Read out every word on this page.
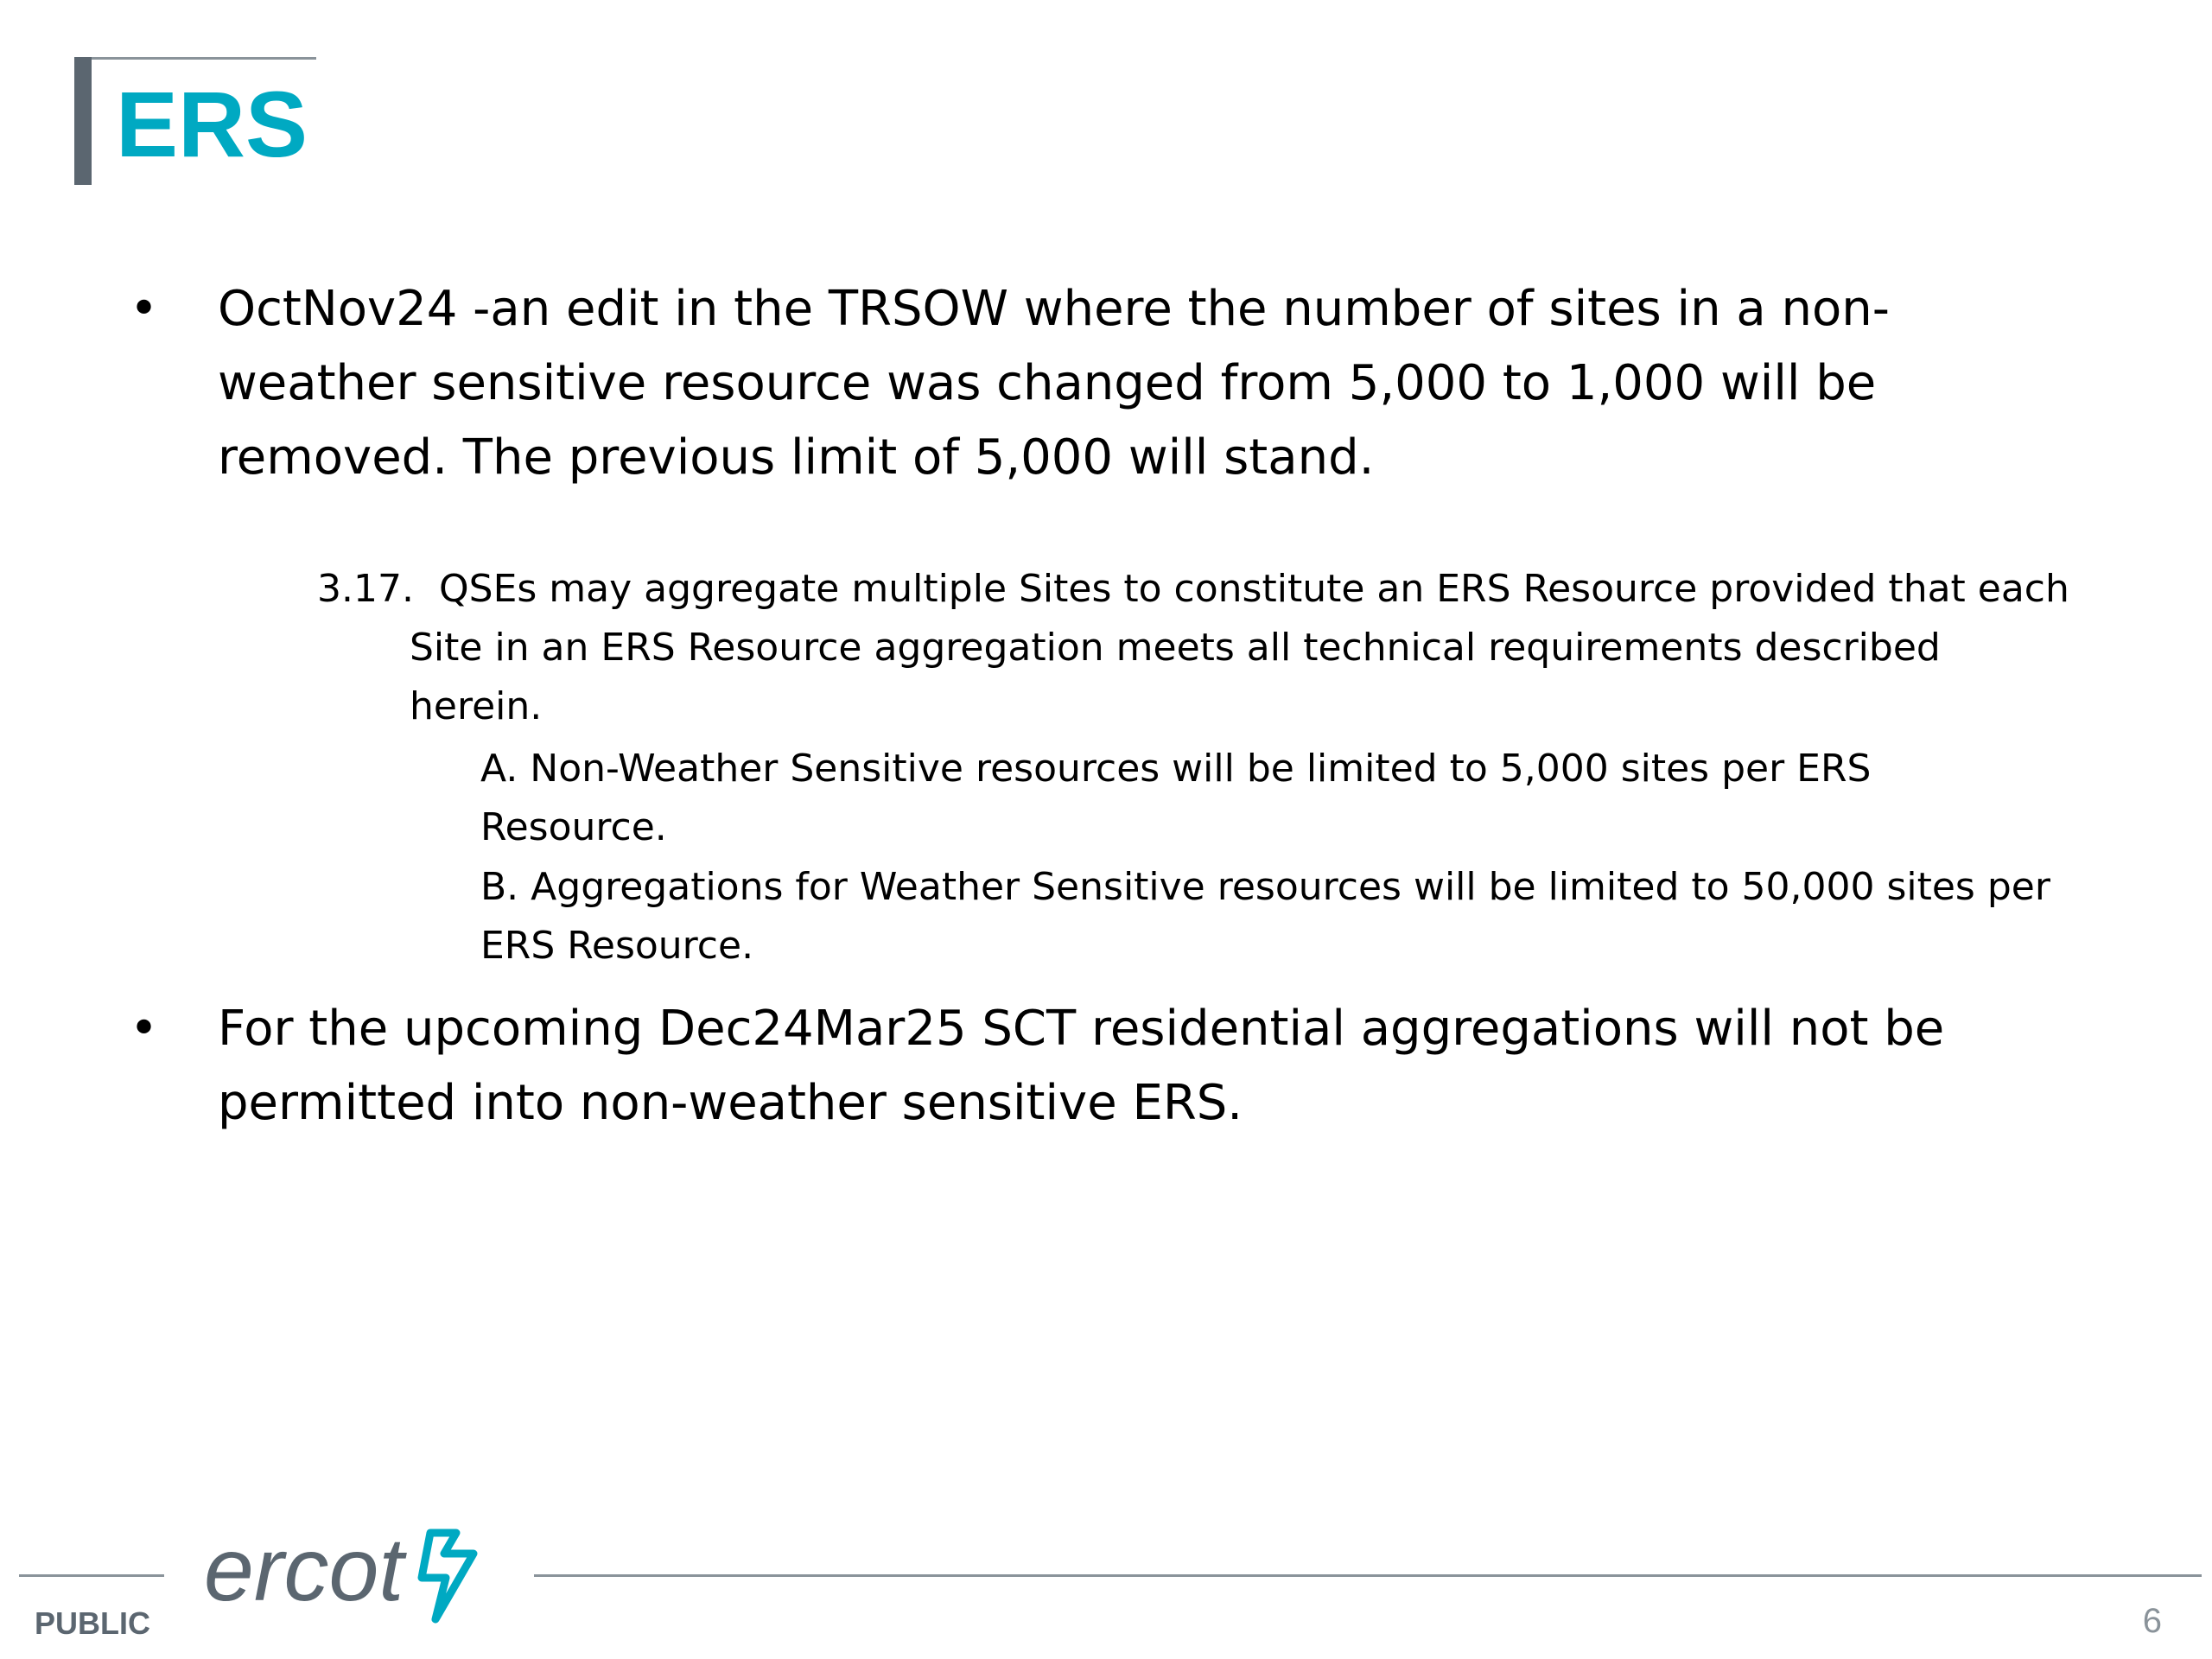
ERS
• OctNov24 -an edit in the TRSOW where the number of sites in a non-weather sensitive resource was changed from 5,000 to 1,000 will be removed. The previous limit of 5,000 will stand.

3.17. QSEs may aggregate multiple Sites to constitute an ERS Resource provided that each

Site in an ERS Resource aggregation meets all technical requirements described

herein.

A. Non-Weather Sensitive resources will be limited to 5,000 sites per ERS

Resource.

B. Aggregations for Weather Sensitive resources will be limited to 50,000 sites per

ERS Resource.

• For the upcoming Dec24Mar25 SCT residential aggregations will not be permitted into non-weather sensitive ERS.

ercot
PUBLIC	6
